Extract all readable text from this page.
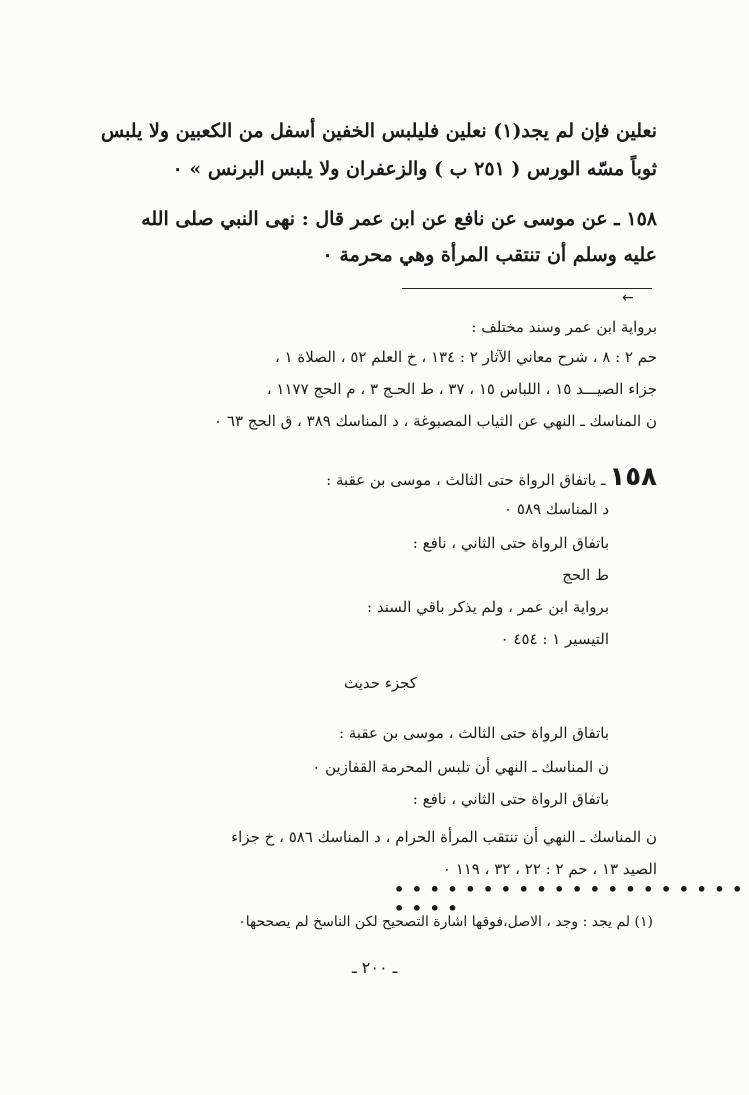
نعلين فإن لم يجد(١) نعلين فليلبس الخفين أسفل من الكعبين ولا يلبس
ثوباً مسّه الورس ( ٢٥١ ب ) والزعفران ولا يلبس البرنس » ٠
١٥٨ ـ عن موسى عن نافع عن ابن عمر قال : نهى النبي صلى الله
عليه وسلم أن تنتقب المرأة وهي محرمة ٠
←
برواية ابن عمر وسند مختلف :
حم ٢ : ٨ ، شرح معاني الآثار ٢ : ١٣٤ ، خ العلم ٥٢ ، الصلاة ١ ،
جزاء الصيـــد ١٥ ، اللباس ١٥ ، ٣٧ ، ط الحـج ٣ ، م الحج ١١٧٧ ،
ن المناسك ـ النهي عن الثياب المصبوغة ، د المناسك ٣٨٩ ، ق الحج ٦٣ ٠
١٥٨ـ باتفاق الرواة حتى الثالث ، موسى بن عقبة :
د المناسك ٥٨٩ ٠
باتفاق الرواة حتى الثاني ، نافع :
ط الحج
برواية ابن عمر ، ولم يذكر باقي السند :
التيسير ١ : ٤٥٤ ٠
كجزء حديث
باتفاق الرواة حتى الثالث ، موسى بن عقبة :
ن المناسك ـ النهي أن تلبس المحرمة القفازين ٠
باتفاق الرواة حتى الثاني ، نافع :
ن المناسك ـ النهي أن تنتقب المرأة الحرام ، د المناسك ٥٨٦ ، خ جزاء
الصيد ١٣ ، حم ٢ : ٢٢ ، ٣٢ ، ١١٩ ٠
• • • • • • • • • • • • • • • • • • • • • • • •
(١) لم يجد : وجد ، الاصل،فوقها اشارة التصحيح لكن الناسخ لم يصححها٠
ـ ٢٠٠ ـ
